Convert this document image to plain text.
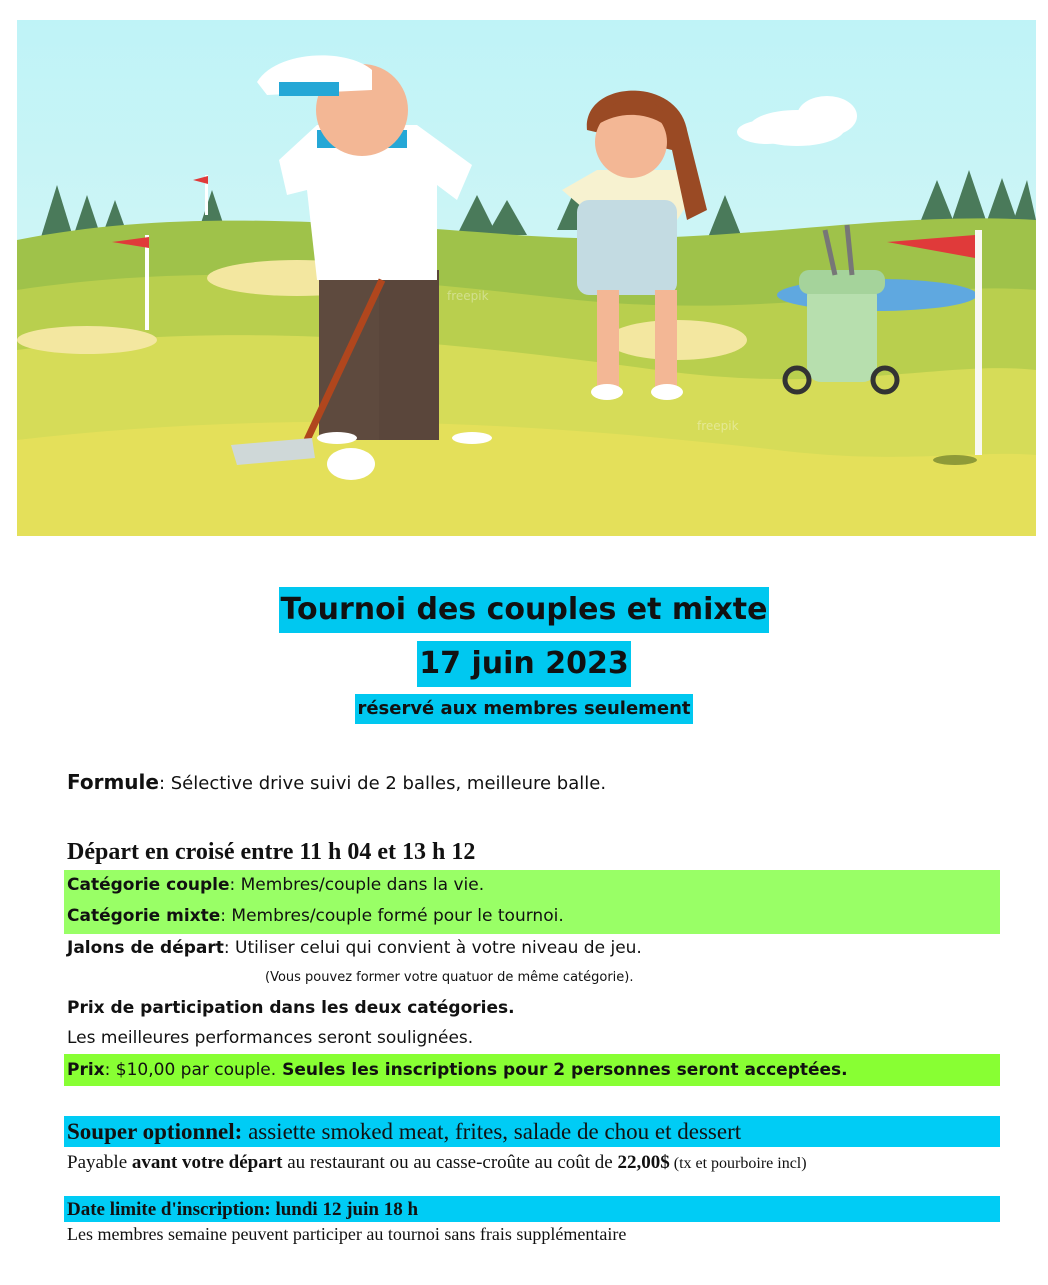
freepik
freepik
Tournoi des couples et mixte
17 juin 2023
réservé aux membres seulement
Formule: Sélective drive suivi de 2 balles, meilleure balle.
Départ en croisé entre 11 h 04 et 13 h 12
Catégorie couple: Membres/couple dans la vie.
Catégorie mixte: Membres/couple formé pour le tournoi.
Jalons de départ: Utiliser celui qui convient à votre niveau de jeu.
(Vous pouvez former votre quatuor de même catégorie).
Prix de participation dans les deux catégories.
Les meilleures performances seront soulignées.
Prix: $10,00 par couple. Seules les inscriptions pour 2 personnes seront acceptées.
Souper optionnel: assiette smoked meat, frites, salade de chou et dessert
Payable avant votre départ au restaurant ou au casse-croûte au coût de 22,00$ (tx et pourboire incl)
Date limite d'inscription: lundi 12 juin 18 h
Les membres semaine peuvent participer au tournoi sans frais supplémentaire
